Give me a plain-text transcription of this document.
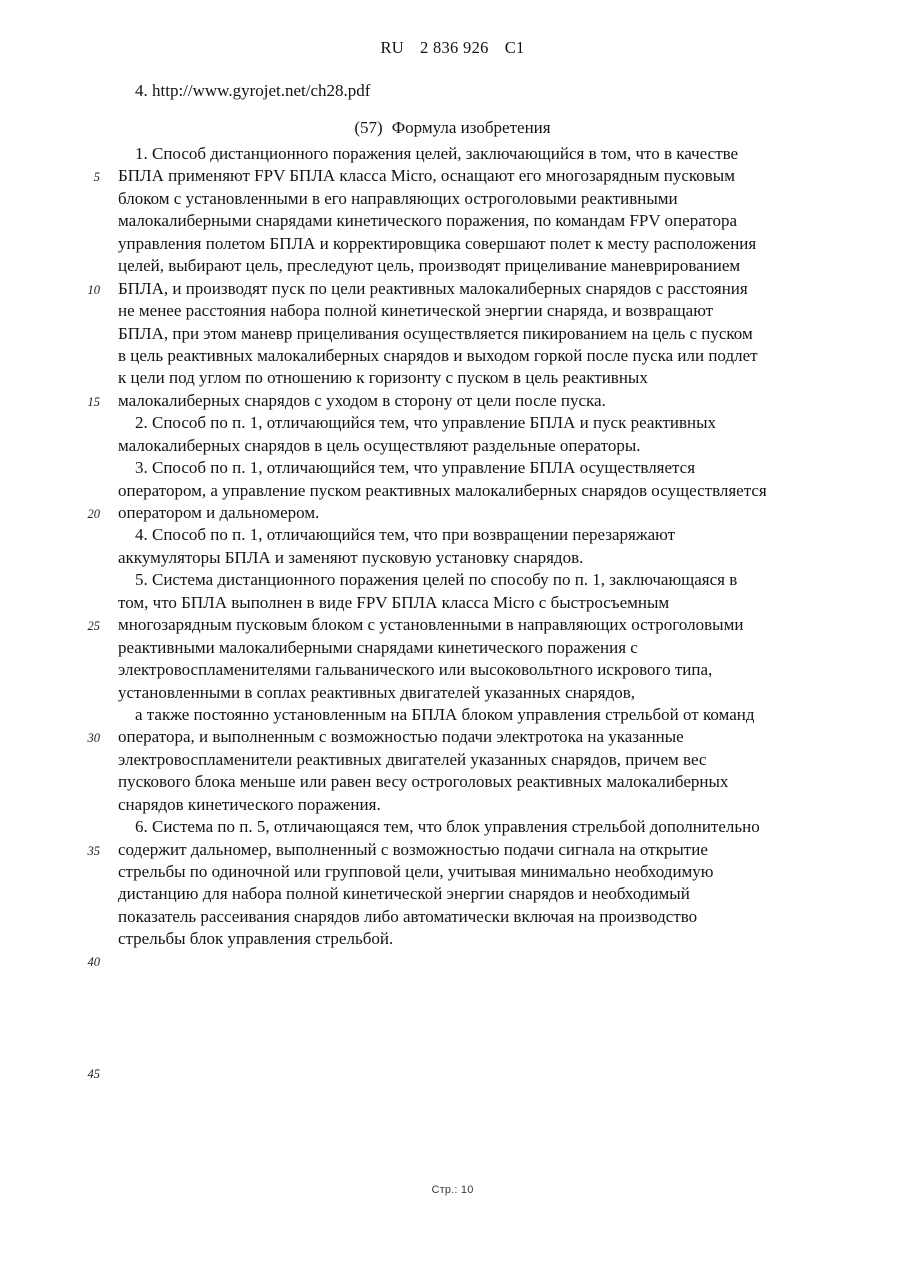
RU 2 836 926 C1
4. http://www.gyrojet.net/ch28.pdf
(57) Формула изобретения
1. Способ дистанционного поражения целей, заключающийся в том, что в качестве
5 БПЛА применяют FPV БПЛА класса Micro, оснащают его многозарядным пусковым
блоком с установленными в его направляющих остроголовыми реактивными
малокалиберными снарядами кинетического поражения, по командам FPV оператора
управления полетом БПЛА и корректировщика совершают полет к месту расположения
целей, выбирают цель, преследуют цель, производят прицеливание маневрированием
10 БПЛА, и производят пуск по цели реактивных малокалиберных снарядов с расстояния
не менее расстояния набора полной кинетической энергии снаряда, и возвращают
БПЛА, при этом маневр прицеливания осуществляется пикированием на цель с пуском
в цель реактивных малокалиберных снарядов и выходом горкой после пуска или подлет
к цели под углом по отношению к горизонту с пуском в цель реактивных
15 малокалиберных снарядов с уходом в сторону от цели после пуска.
2. Способ по п. 1, отличающийся тем, что управление БПЛА и пуск реактивных
малокалиберных снарядов в цель осуществляют раздельные операторы.
3. Способ по п. 1, отличающийся тем, что управление БПЛА осуществляется
оператором, а управление пуском реактивных малокалиберных снарядов осуществляется
20 оператором и дальномером.
4. Способ по п. 1, отличающийся тем, что при возвращении перезаряжают
аккумуляторы БПЛА и заменяют пусковую установку снарядов.
5. Система дистанционного поражения целей по способу по п. 1, заключающаяся в
том, что БПЛА выполнен в виде FPV БПЛА класса Micro с быстросъемным
25 многозарядным пусковым блоком с установленными в направляющих остроголовыми
реактивными малокалиберными снарядами кинетического поражения с
электровоспламенителями гальванического или высоковольтного искрового типа,
установленными в соплах реактивных двигателей указанных снарядов,
а также постоянно установленным на БПЛА блоком управления стрельбой от команд
30 оператора, и выполненным с возможностью подачи электротока на указанные
электровоспламенители реактивных двигателей указанных снарядов, причем вес
пускового блока меньше или равен весу остроголовых реактивных малокалиберных
снарядов кинетического поражения.
6. Система по п. 5, отличающаяся тем, что блок управления стрельбой дополнительно
35 содержит дальномер, выполненный с возможностью подачи сигнала на открытие
стрельбы по одиночной или групповой цели, учитывая минимально необходимую
дистанцию для набора полной кинетической энергии снарядов и необходимый
показатель рассеивания снарядов либо автоматически включая на производство
стрельбы блок управления стрельбой.
40
45
Стр.: 10
